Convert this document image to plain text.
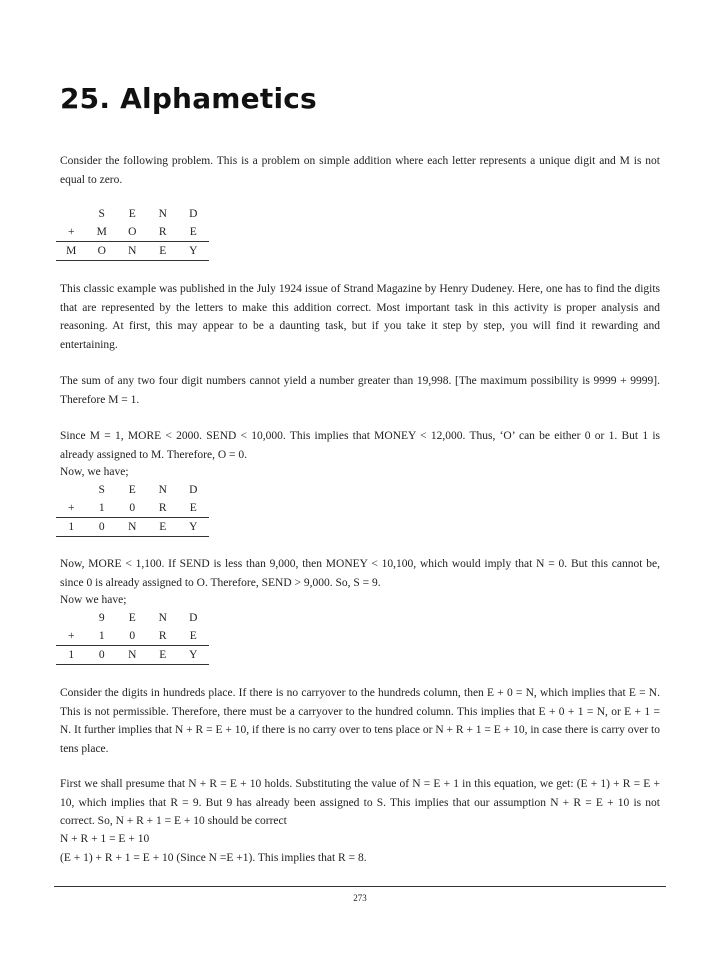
25. Alphametics

Consider the following problem. This is a problem on simple addition where each letter represents a unique digit and M is not equal to zero.

	S	E	N	D
+	M	O	R	E
M	O	N	E	Y

This classic example was published in the July 1924 issue of Strand Magazine by Henry Dudeney. Here, one has to find the digits that are represented by the letters to make this addition correct. Most important task in this activity is proper analysis and reasoning. At first, this may appear to be a daunting task, but if you take it step by step, you will find it rewarding and entertaining.

The sum of any two four digit numbers cannot yield a number greater than 19,998. [The maximum possibility is 9999 + 9999]. Therefore M = 1.

Since M = 1, MORE < 2000. SEND < 10,000. This implies that MONEY < 12,000. Thus, ‘O’ can be either 0 or 1. But 1 is already assigned to M. Therefore, O = 0.

Now, we have;

	S	E	N	D
+	1	0	R	E
1	0	N	E	Y

Now, MORE < 1,100. If SEND is less than 9,000, then MONEY < 10,100, which would imply that N = 0. But this cannot be, since 0 is already assigned to O. Therefore, SEND > 9,000. So, S = 9.

Now we have;

	9	E	N	D
+	1	0	R	E
1	0	N	E	Y

Consider the digits in hundreds place. If there is no carryover to the hundreds column, then E + 0 = N, which implies that E = N. This is not permissible. Therefore, there must be a carryover to the hundred column. This implies that E + 0 + 1 = N, or E + 1 = N. It further implies that N + R = E + 10, if there is no carry over to tens place or N + R + 1 = E + 10, in case there is carry over to tens place.

First we shall presume that N + R = E + 10 holds. Substituting the value of N = E + 1 in this equation, we get: (E + 1) + R = E + 10, which implies that R = 9. But 9 has already been assigned to S. This implies that our assumption N + R = E + 10 is not correct. So, N + R + 1 = E + 10 should be correct

N + R + 1 = E + 10

(E + 1) + R + 1 = E + 10 (Since N =E +1). This implies that R = 8.

273
